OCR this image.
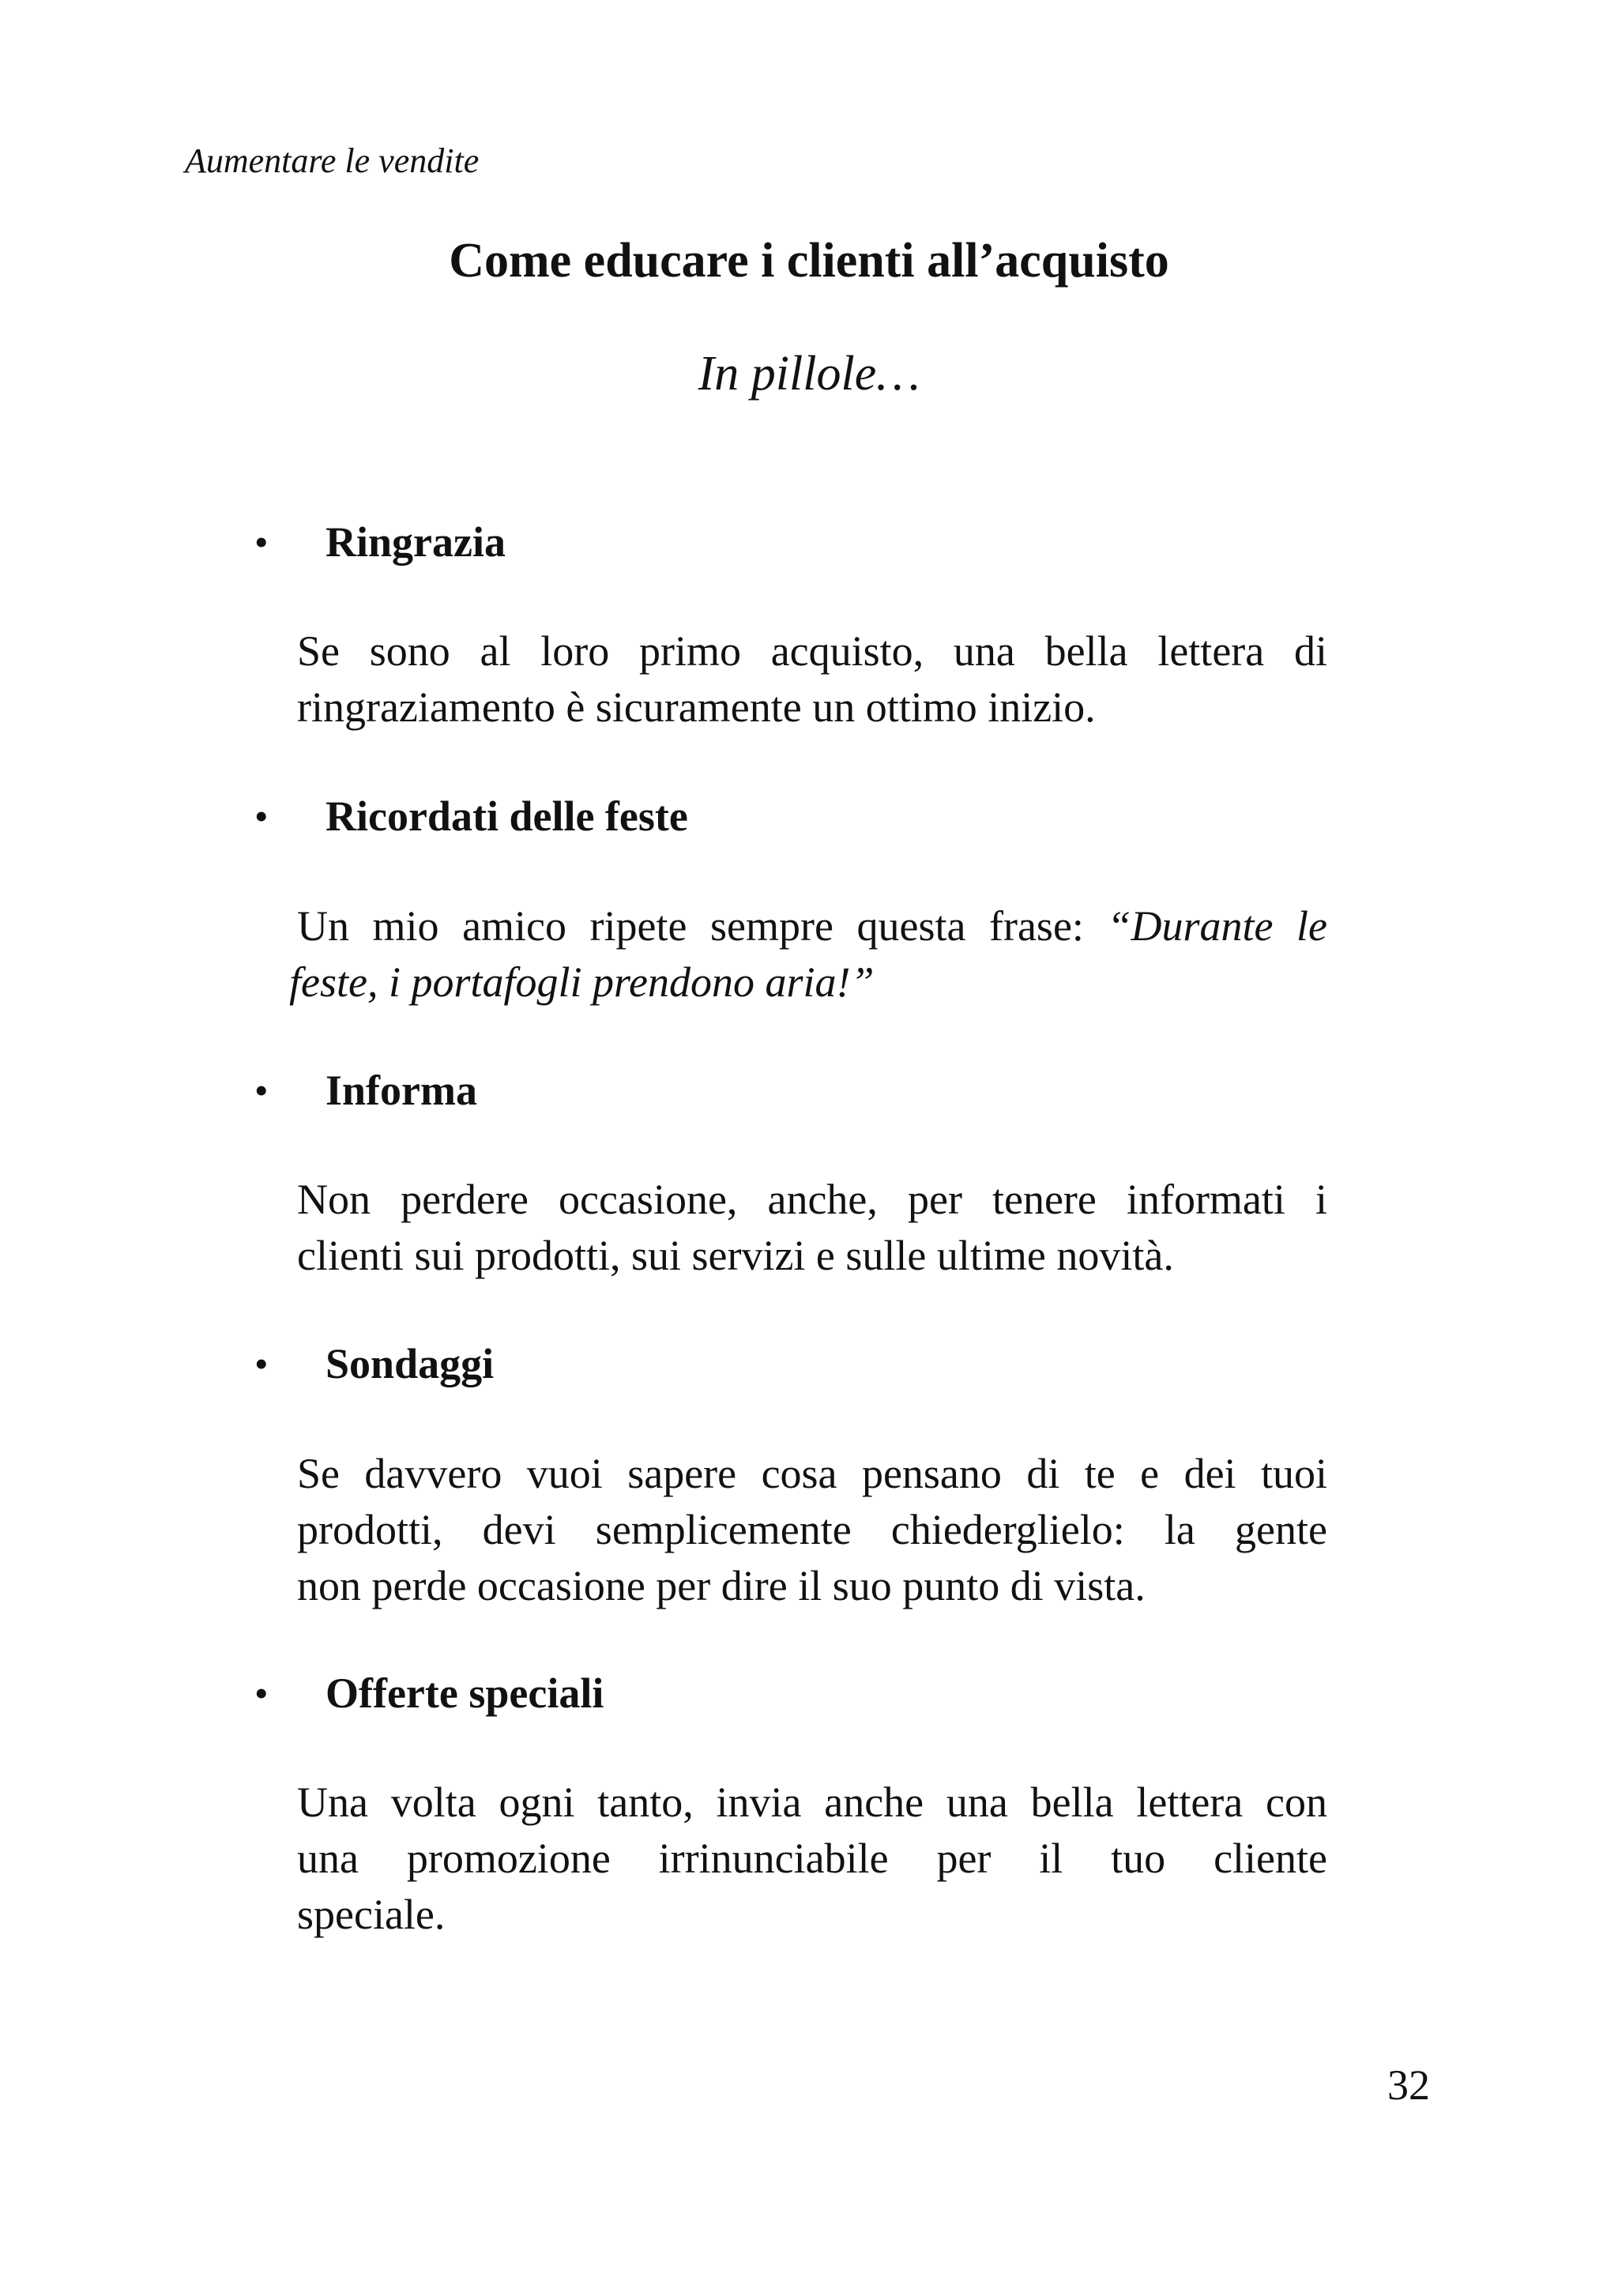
Aumentare le vendite
Come educare i clienti all’acquisto
In pillole…
•	Ringrazia
Se sono al loro primo acquisto, una bella lettera di
ringraziamento è sicuramente un ottimo inizio.
•	Ricordati delle feste
Un mio amico ripete sempre questa frase: “Durante le
feste, i portafogli prendono aria!”
•	Informa
Non perdere occasione, anche, per tenere informati i
clienti sui prodotti, sui servizi e sulle ultime novità.
•	Sondaggi
Se davvero vuoi sapere cosa pensano di te e dei tuoi
prodotti, devi semplicemente chiederglielo: la gente
non perde occasione per dire il suo punto di vista.
•	Offerte speciali
Una volta ogni tanto, invia anche una bella lettera con
una promozione irrinunciabile per il tuo cliente
speciale.
32
